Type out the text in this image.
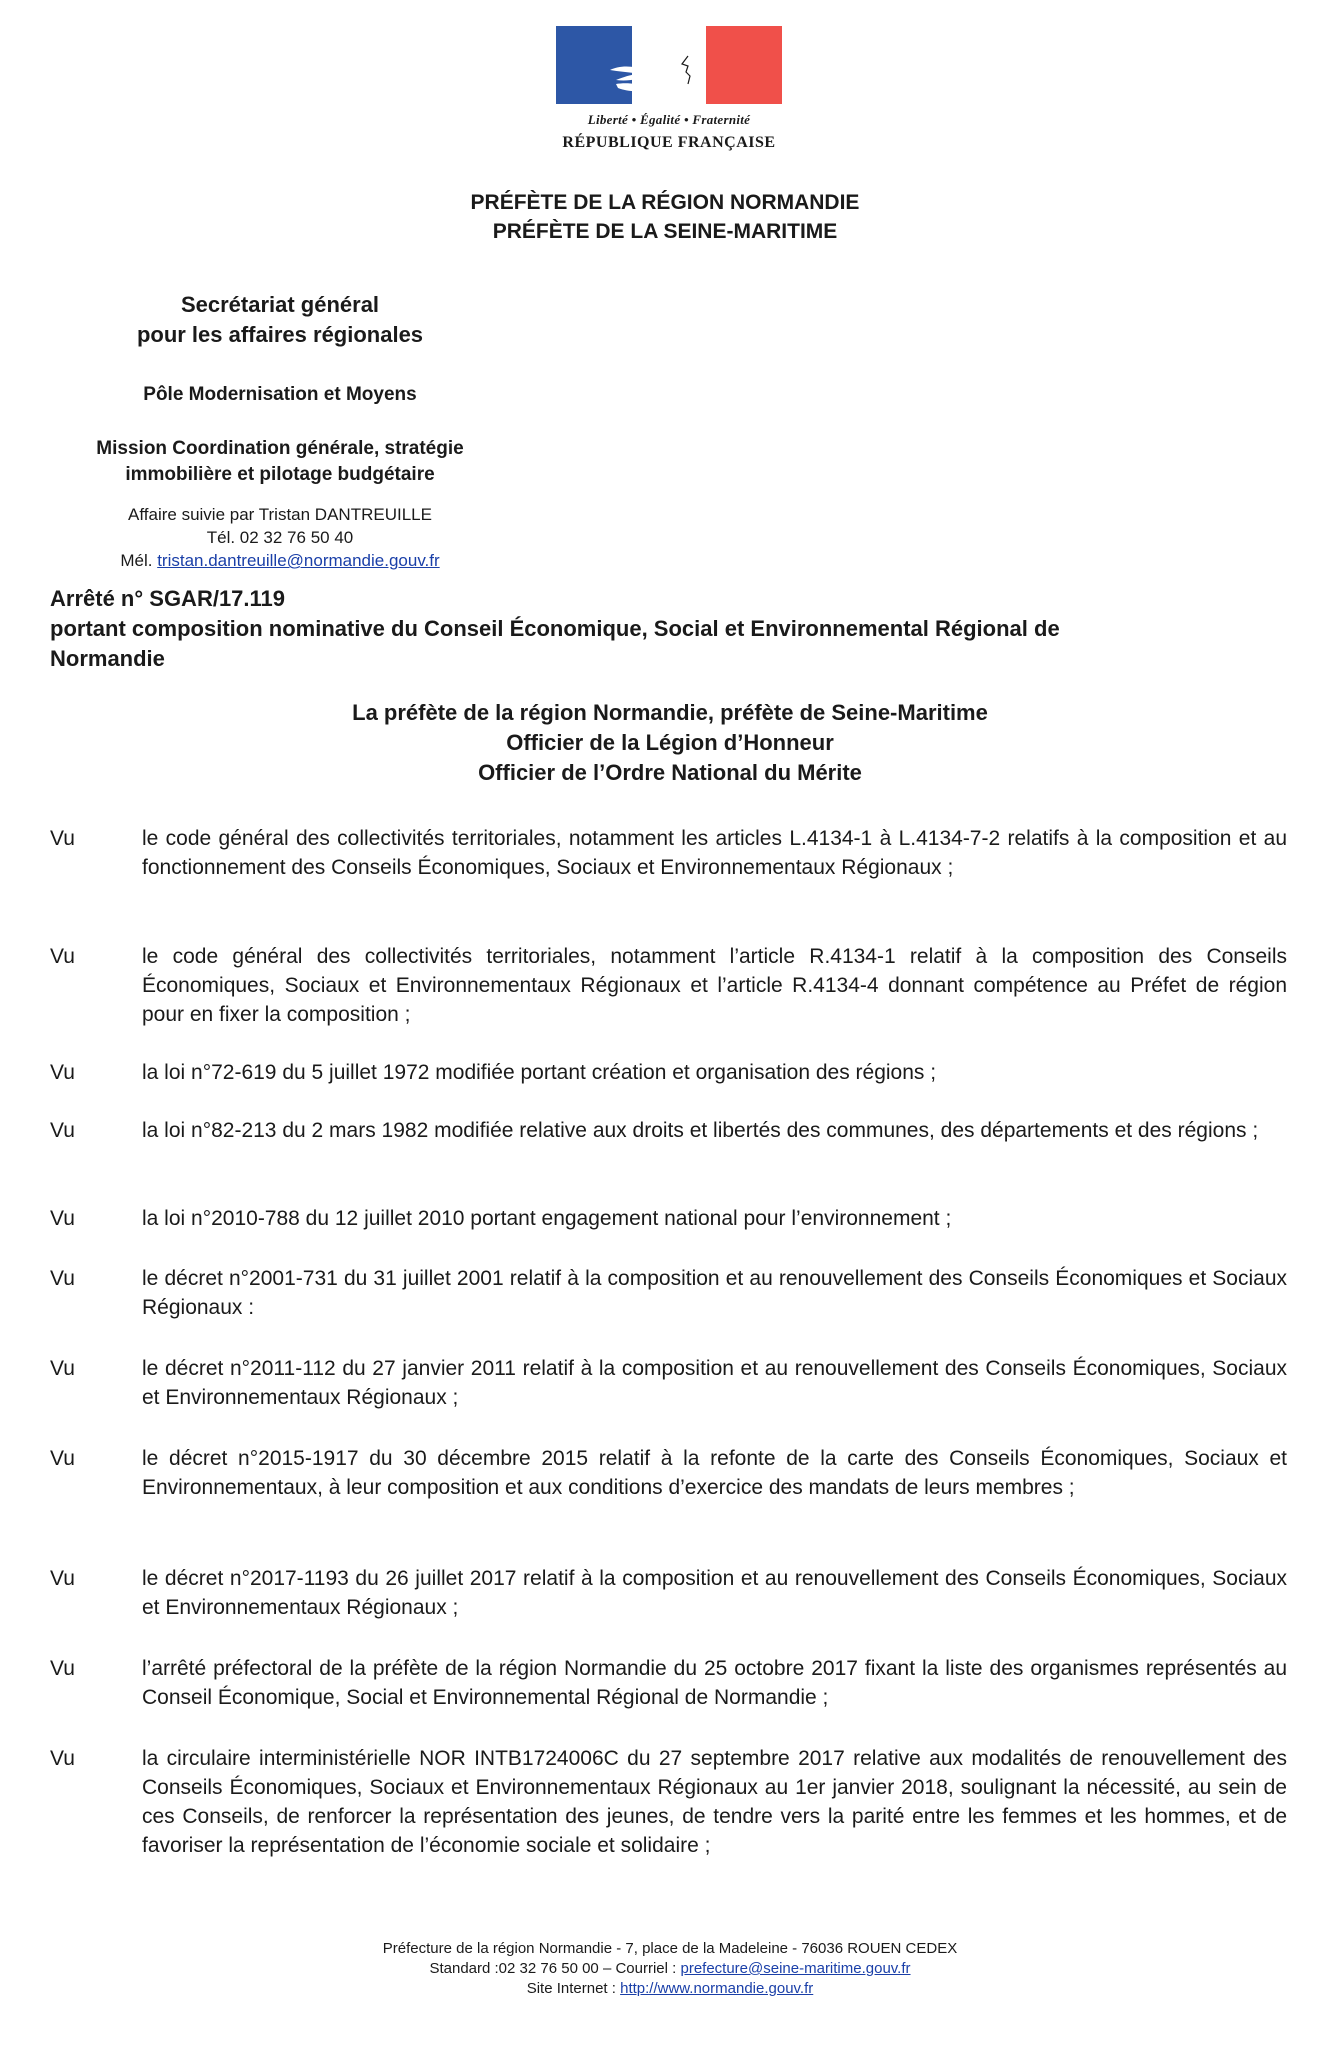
Liberté • Égalité • Fraternité
RÉPUBLIQUE FRANÇAISE
PRÉFÈTE DE LA RÉGION NORMANDIE
PRÉFÈTE DE LA SEINE-MARITIME
Secrétariat général
pour les affaires régionales
Pôle Modernisation et Moyens
Mission Coordination générale, stratégie
immobilière et pilotage budgétaire
Affaire suivie par Tristan DANTREUILLE
Tél. 02 32 76 50 40
Mél. tristan.dantreuille@normandie.gouv.fr
Arrêté n° SGAR/17.119
portant composition nominative du Conseil Économique, Social et Environnemental Régional de
Normandie
La préfète de la région Normandie, préfète de Seine-Maritime
Officier de la Légion d’Honneur
Officier de l’Ordre National du Mérite
Vu	le code général des collectivités territoriales, notamment les articles L.4134-1 à L.4134-7-2 relatifs à la composition et au fonctionnement des Conseils Économiques, Sociaux et Environnementaux Régionaux ;
Vu	le code général des collectivités territoriales, notamment l’article R.4134-1 relatif à la composition des Conseils Économiques, Sociaux et Environnementaux Régionaux et l’article R.4134-4 donnant compétence au Préfet de région pour en fixer la composition ;
Vu	la loi n°72-619 du 5 juillet 1972 modifiée portant création et organisation des régions ;
Vu	la loi n°82-213 du 2 mars 1982 modifiée relative aux droits et libertés des communes, des départements et des régions ;
Vu	la loi n°2010-788 du 12 juillet 2010 portant engagement national pour l’environnement ;
Vu	le décret n°2001-731 du 31 juillet 2001 relatif à la composition et au renouvellement des Conseils Économiques et Sociaux Régionaux :
Vu	le décret n°2011-112 du 27 janvier 2011 relatif à la composition et au renouvellement des Conseils Économiques, Sociaux et Environnementaux Régionaux ;
Vu	le décret n°2015-1917 du 30 décembre 2015 relatif à la refonte de la carte des Conseils Économiques, Sociaux et Environnementaux, à leur composition et aux conditions d’exercice des mandats de leurs membres ;
Vu	le décret n°2017-1193 du 26 juillet 2017 relatif à la composition et au renouvellement des Conseils Économiques, Sociaux et Environnementaux Régionaux ;
Vu	l’arrêté préfectoral de la préfète de la région Normandie du 25 octobre 2017 fixant la liste des organismes représentés au Conseil Économique, Social et Environnemental Régional de Normandie ;
Vu	la circulaire interministérielle NOR INTB1724006C du 27 septembre 2017 relative aux modalités de renouvellement des Conseils Économiques, Sociaux et Environnementaux Régionaux au 1er janvier 2018, soulignant la nécessité, au sein de ces Conseils, de renforcer la représentation des jeunes, de tendre vers la parité entre les femmes et les hommes, et de favoriser la représentation de l’économie sociale et solidaire ;
Préfecture de la région Normandie - 7, place de la Madeleine - 76036 ROUEN CEDEX
Standard :02 32 76 50 00 – Courriel : prefecture@seine-maritime.gouv.fr
Site Internet : http://www.normandie.gouv.fr
